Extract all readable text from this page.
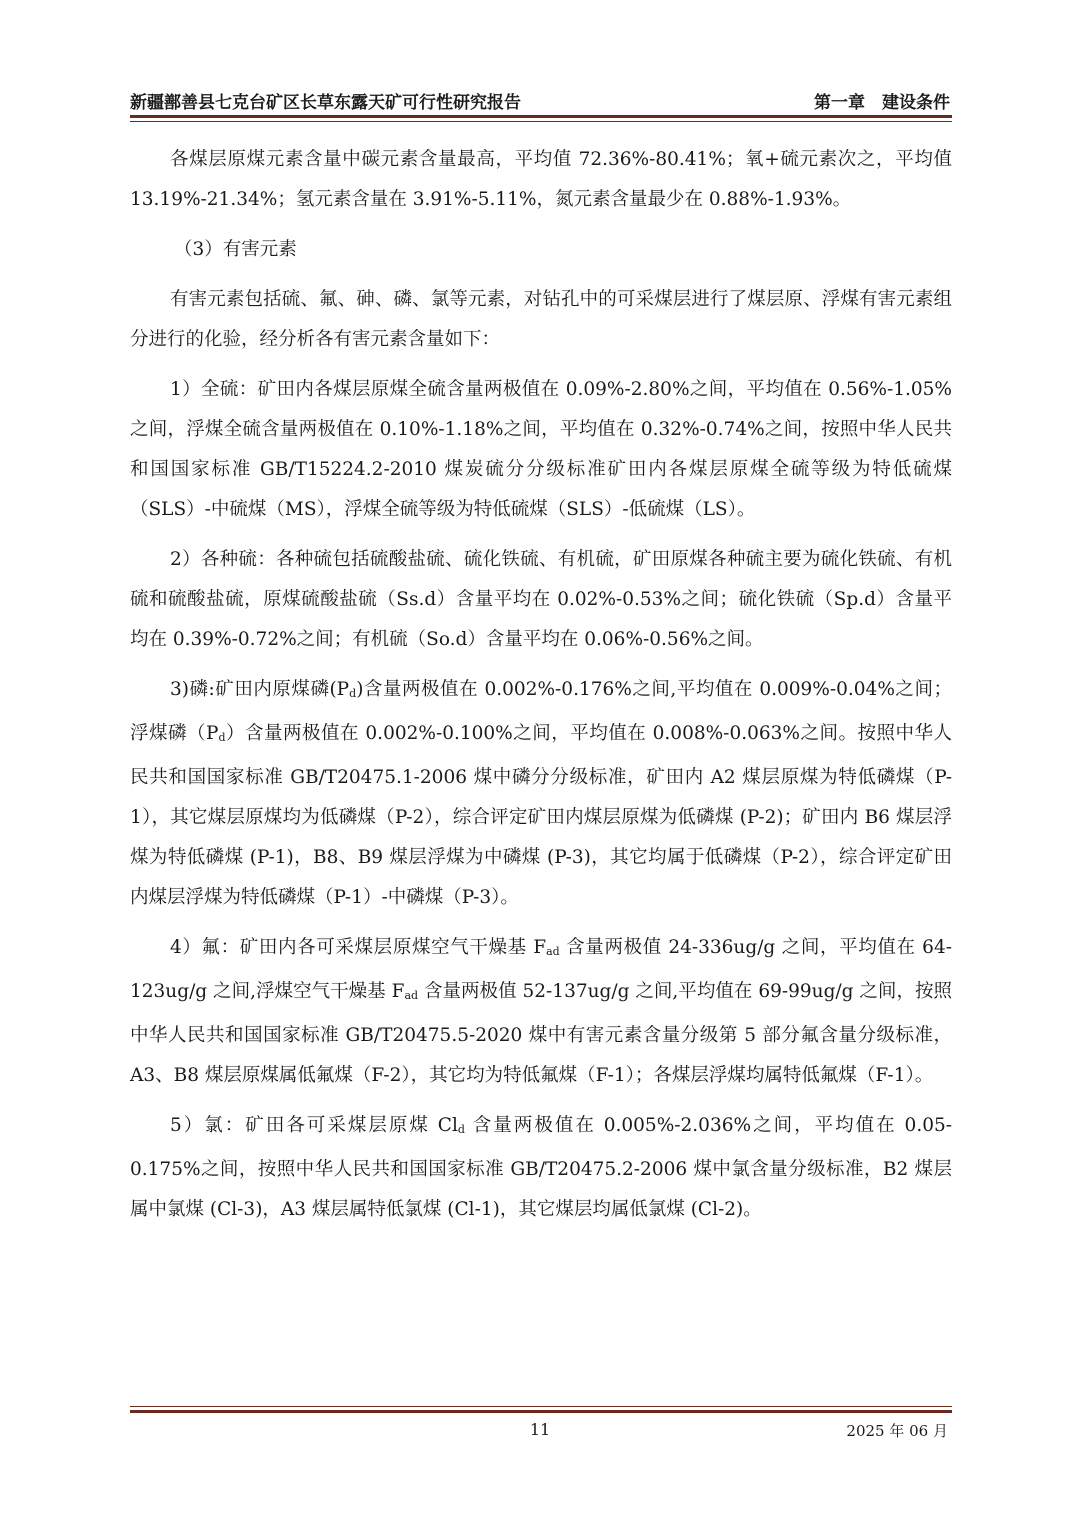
新疆鄯善县七克台矿区长草东露天矿可行性研究报告	第一章　建设条件

各煤层原煤元素含量中碳元素含量最高，平均值 72.36%-80.41%；氧+硫元素次之，平均值 13.19%-21.34%；氢元素含量在 3.91%-5.11%，氮元素含量最少在 0.88%-1.93%。

（3）有害元素

有害元素包括硫、氟、砷、磷、氯等元素，对钻孔中的可采煤层进行了煤层原、浮煤有害元素组分进行的化验，经分析各有害元素含量如下：

1）全硫：矿田内各煤层原煤全硫含量两极值在 0.09%-2.80%之间，平均值在 0.56%-1.05%之间，浮煤全硫含量两极值在 0.10%-1.18%之间，平均值在 0.32%-0.74%之间，按照中华人民共和国国家标准 GB/T15224.2-2010 煤炭硫分分级标准矿田内各煤层原煤全硫等级为特低硫煤（SLS）-中硫煤（MS），浮煤全硫等级为特低硫煤（SLS）-低硫煤（LS）。

2）各种硫：各种硫包括硫酸盐硫、硫化铁硫、有机硫，矿田原煤各种硫主要为硫化铁硫、有机硫和硫酸盐硫，原煤硫酸盐硫（Ss.d）含量平均在 0.02%-0.53%之间；硫化铁硫（Sp.d）含量平均在 0.39%-0.72%之间；有机硫（So.d）含量平均在 0.06%-0.56%之间。

3)磷:矿田内原煤磷$(P_d)$含量两极值在 0.002%-0.176%之间,平均值在 0.009%-0.04%之间；浮煤磷$(P_d)$含量两极值在 0.002%-0.100%之间，平均值在 0.008%-0.063%之间。按照中华人民共和国国家标准 GB/T20475.1-2006 煤中磷分分级标准，矿田内 A2 煤层原煤为特低磷煤（P-1），其它煤层原煤均为低磷煤（P-2），综合评定矿田内煤层原煤为低磷煤 (P-2)；矿田内 B6 煤层浮煤为特低磷煤 (P-1)，B8、B9 煤层浮煤为中磷煤 (P-3)，其它均属于低磷煤（P-2），综合评定矿田内煤层浮煤为特低磷煤（P-1）-中磷煤（P-3）。

4）氟：矿田内各可采煤层原煤空气干燥基 $F_{ad}$ 含量两极值 24-336ug/g 之间，平均值在 64-123ug/g 之间,浮煤空气干燥基 $F_{ad}$ 含量两极值 52-137ug/g 之间,平均值在 69-99ug/g 之间，按照中华人民共和国国家标准 GB/T20475.5-2020 煤中有害元素含量分级第 5 部分氟含量分级标准，A3、B8 煤层原煤属低氟煤（F-2），其它均为特低氟煤（F-1）；各煤层浮煤均属特低氟煤（F-1）。

5）氯：矿田各可采煤层原煤 $Cl_d$ 含量两极值在 0.005%-2.036%之间，平均值在 0.05-0.175%之间，按照中华人民共和国国家标准 GB/T20475.2-2006 煤中氯含量分级标准，B2 煤层属中氯煤 (Cl-3)，A3 煤层属特低氯煤 (Cl-1)，其它煤层均属低氯煤 (Cl-2)。

11	2025 年 06 月
